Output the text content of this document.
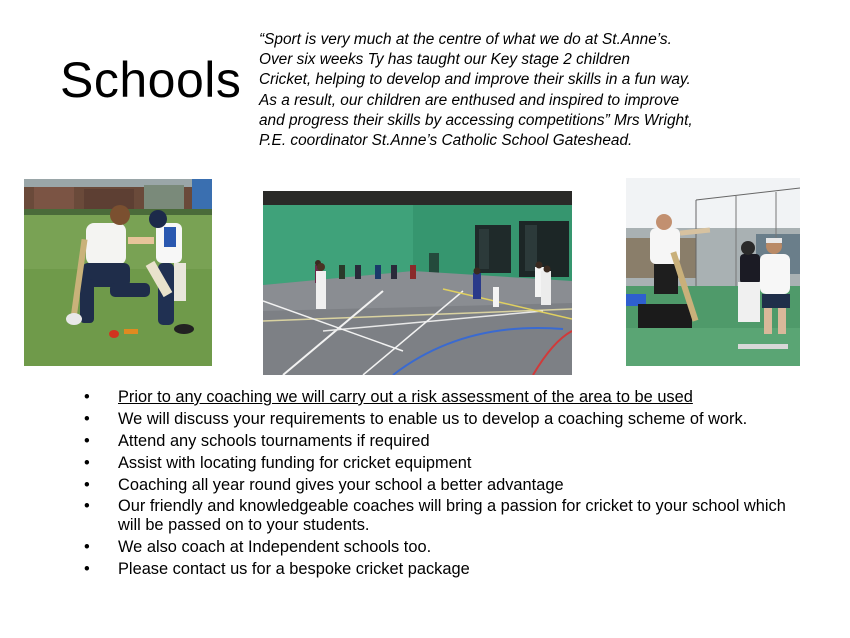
Schools
“Sport is very much at the centre of what we do at St.Anne’s.
Over six weeks Ty has taught our Key stage 2 children
Cricket, helping to develop and improve their skills in a fun way.
As a result, our children are enthused and inspired to improve
and progress their skills by accessing competitions” Mrs Wright,
P.E. coordinator St.Anne’s Catholic School Gateshead.
• Prior to any coaching we will carry out a risk assessment of the area to be used
• We will discuss your requirements to enable us to develop a coaching scheme of work.
• Attend any schools tournaments if required
• Assist with locating funding for cricket equipment
• Coaching all year round gives your school a better advantage
• Our friendly and knowledgeable coaches will bring a passion for cricket to your school which will be passed on to your students.
• We also coach at Independent schools too.
• Please contact us for a bespoke cricket package
